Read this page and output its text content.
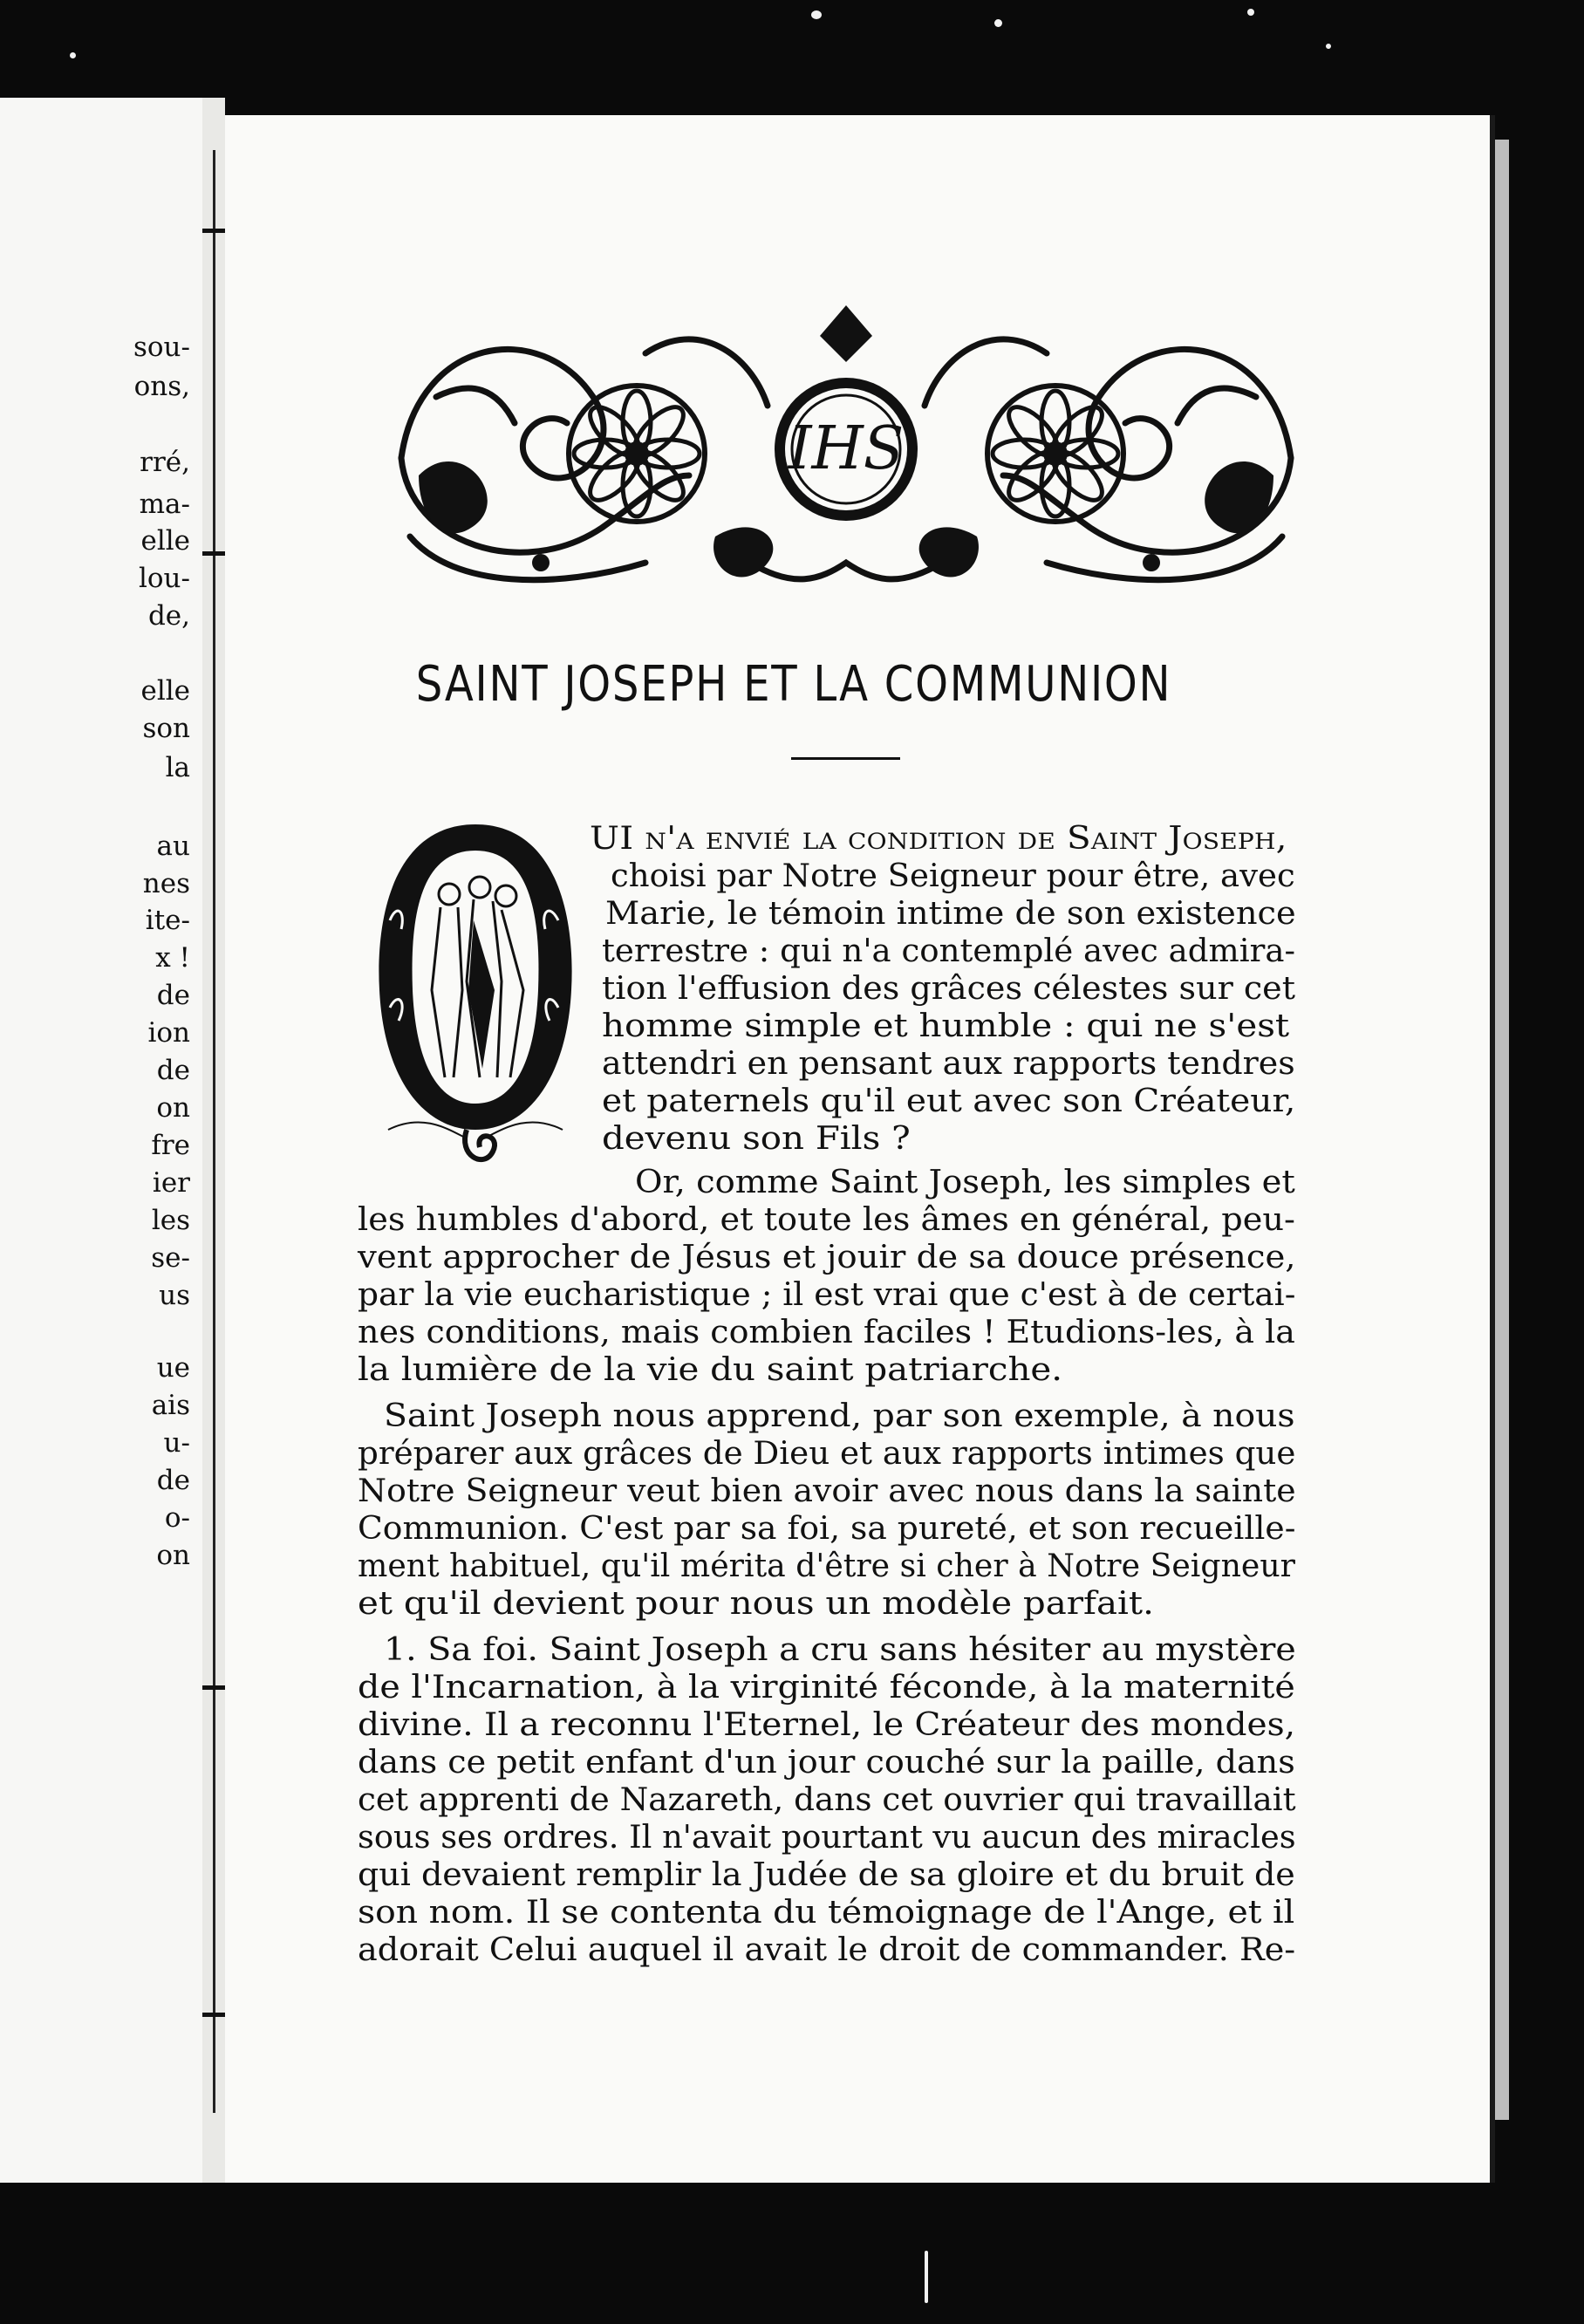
sou-
ons,
rré,
ma-
elle
lou-
de,
elle
son
la
au
nes
ite-
x !
de
ion
de
on
fre
ier
les
se-
us
ue
ais
u-
de
o-
on
IHS
SAINT JOSEPH ET LA COMMUNION
Q
UI n'a envié la condition de Saint Joseph,
choisi par Notre Seigneur pour être, avec
Marie, le témoin intime de son existence
terrestre : qui n'a contemplé avec admira-
tion l'effusion des grâces célestes sur cet
homme simple et humble : qui ne s'est
attendri en pensant aux rapports tendres
et paternels qu'il eut avec son Créateur,
devenu son Fils ?
Or, comme Saint Joseph, les simples et
les humbles d'abord, et toute les âmes en général, peu-
vent approcher de Jésus et jouir de sa douce présence,
par la vie eucharistique ; il est vrai que c'est à de certai-
nes conditions, mais combien faciles ! Etudions-les, à la
la lumière de la vie du saint patriarche.
Saint Joseph nous apprend, par son exemple, à nous
préparer aux grâces de Dieu et aux rapports intimes que
Notre Seigneur veut bien avoir avec nous dans la sainte
Communion. C'est par sa foi, sa pureté, et son recueille-
ment habituel, qu'il mérita d'être si cher à Notre Seigneur
et qu'il devient pour nous un modèle parfait.
1. Sa foi. Saint Joseph a cru sans hésiter au mystère
de l'Incarnation, à la virginité féconde, à la maternité
divine. Il a reconnu l'Eternel, le Créateur des mondes,
dans ce petit enfant d'un jour couché sur la paille, dans
cet apprenti de Nazareth, dans cet ouvrier qui travaillait
sous ses ordres. Il n'avait pourtant vu aucun des miracles
qui devaient remplir la Judée de sa gloire et du bruit de
son nom. Il se contenta du témoignage de l'Ange, et il
adorait Celui auquel il avait le droit de commander. Re-
